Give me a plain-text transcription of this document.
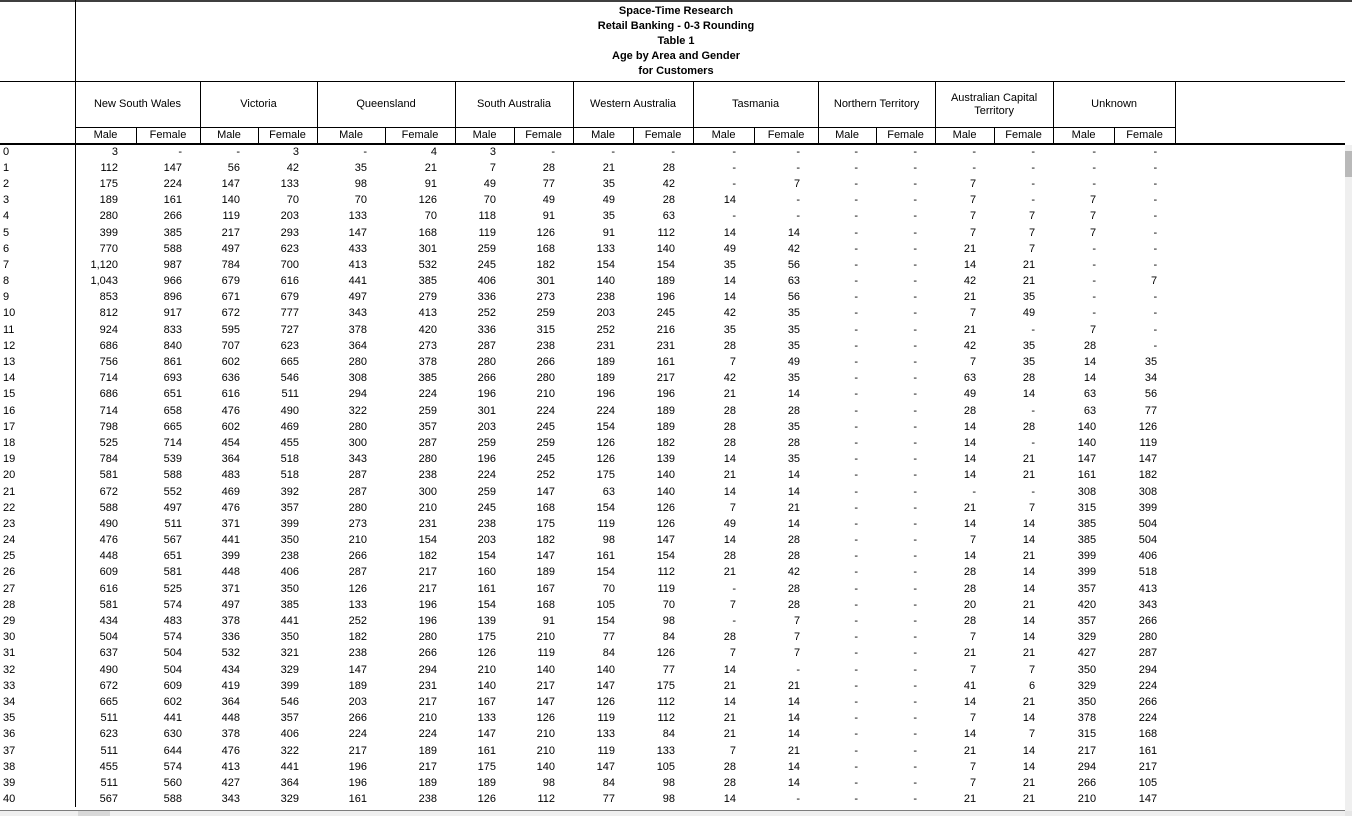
Space-Time Research
Retail Banking - 0-3 Rounding
Table 1
Age by Area and Gender
for Customers
	New South Wales		Victoria		Queensland		South Australia		Western Australia		Tasmania		Northern Territory		Australian Capital Territory		Unknown		
	Male	Female	Male	Female	Male	Female	Male	Female	Male	Female	Male	Female	Male	Female	Male	Female	Male	Female	
0	3	-	-	3	-	4	3	-	-	-	-	-	-	-	-	-	-	-	
1	112	147	56	42	35	21	7	28	21	28	-	-	-	-	-	-	-	-	
2	175	224	147	133	98	91	49	77	35	42	-	7	-	-	7	-	-	-	
3	189	161	140	70	70	126	70	49	49	28	14	-	-	-	7	-	7	-	
4	280	266	119	203	133	70	118	91	35	63	-	-	-	-	7	7	7	-	
5	399	385	217	293	147	168	119	126	91	112	14	14	-	-	7	7	7	-	
6	770	588	497	623	433	301	259	168	133	140	49	42	-	-	21	7	-	-	
7	1,120	987	784	700	413	532	245	182	154	154	35	56	-	-	14	21	-	-	
8	1,043	966	679	616	441	385	406	301	140	189	14	63	-	-	42	21	-	7	
9	853	896	671	679	497	279	336	273	238	196	14	56	-	-	21	35	-	-	
10	812	917	672	777	343	413	252	259	203	245	42	35	-	-	7	49	-	-	
11	924	833	595	727	378	420	336	315	252	216	35	35	-	-	21	-	7	-	
12	686	840	707	623	364	273	287	238	231	231	28	35	-	-	42	35	28	-	
13	756	861	602	665	280	378	280	266	189	161	7	49	-	-	7	35	14	35	
14	714	693	636	546	308	385	266	280	189	217	42	35	-	-	63	28	14	34	
15	686	651	616	511	294	224	196	210	196	196	21	14	-	-	49	14	63	56	
16	714	658	476	490	322	259	301	224	224	189	28	28	-	-	28	-	63	77	
17	798	665	602	469	280	357	203	245	154	189	28	35	-	-	14	28	140	126	
18	525	714	454	455	300	287	259	259	126	182	28	28	-	-	14	-	140	119	
19	784	539	364	518	343	280	196	245	126	139	14	35	-	-	14	21	147	147	
20	581	588	483	518	287	238	224	252	175	140	21	14	-	-	14	21	161	182	
21	672	552	469	392	287	300	259	147	63	140	14	14	-	-	-	-	308	308	
22	588	497	476	357	280	210	245	168	154	126	7	21	-	-	21	7	315	399	
23	490	511	371	399	273	231	238	175	119	126	49	14	-	-	14	14	385	504	
24	476	567	441	350	210	154	203	182	98	147	14	28	-	-	7	14	385	504	
25	448	651	399	238	266	182	154	147	161	154	28	28	-	-	14	21	399	406	
26	609	581	448	406	287	217	160	189	154	112	21	42	-	-	28	14	399	518	
27	616	525	371	350	126	217	161	167	70	119	-	28	-	-	28	14	357	413	
28	581	574	497	385	133	196	154	168	105	70	7	28	-	-	20	21	420	343	
29	434	483	378	441	252	196	139	91	154	98	-	7	-	-	28	14	357	266	
30	504	574	336	350	182	280	175	210	77	84	28	7	-	-	7	14	329	280	
31	637	504	532	321	238	266	126	119	84	126	7	7	-	-	21	21	427	287	
32	490	504	434	329	147	294	210	140	140	77	14	-	-	-	7	7	350	294	
33	672	609	419	399	189	231	140	217	147	175	21	21	-	-	41	6	329	224	
34	665	602	364	546	203	217	167	147	126	112	14	14	-	-	14	21	350	266	
35	511	441	448	357	266	210	133	126	119	112	21	14	-	-	7	14	378	224	
36	623	630	378	406	224	224	147	210	133	84	21	14	-	-	14	7	315	168	
37	511	644	476	322	217	189	161	210	119	133	7	21	-	-	21	14	217	161	
38	455	574	413	441	196	217	175	140	147	105	28	14	-	-	7	14	294	217	
39	511	560	427	364	196	189	189	98	84	98	28	14	-	-	7	21	266	105	
40	567	588	343	329	161	238	126	112	77	98	14	-	-	-	21	21	210	147	
